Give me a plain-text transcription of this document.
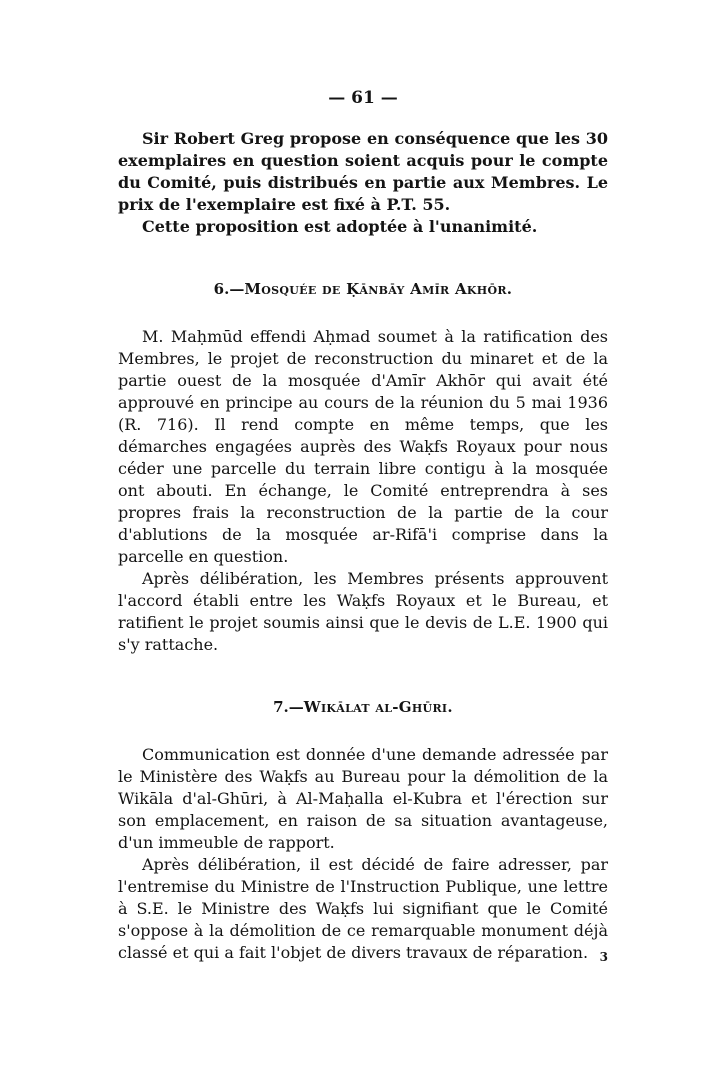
— 61 —

Sir Robert Greg propose en conséquence que les 30 exemplaires en question soient acquis pour le compte du Comité, puis distribués en partie aux Membres. Le prix de l'exemplaire est fixé à P.T. 55.

Cette proposition est adoptée à l'unanimité.

6.—Mosquée de Ḳānbāy Amīr Akhōr.

M. Maḥmūd effendi Aḥmad soumet à la ratification des Membres, le projet de reconstruction du minaret et de la partie ouest de la mosquée d'Amīr Akhōr qui avait été approuvé en principe au cours de la réunion du 5 mai 1936 (R. 716). Il rend compte en même temps, que les démarches engagées auprès des Waḳfs Royaux pour nous céder une parcelle du terrain libre contigu à la mosquée ont abouti. En échange, le Comité entreprendra à ses propres frais la reconstruction de la partie de la cour d'ablutions de la mosquée ar-Rifā'i comprise dans la parcelle en question.

Après délibération, les Membres présents approuvent l'accord établi entre les Waḳfs Royaux et le Bureau, et ratifient le projet soumis ainsi que le devis de L.E. 1900 qui s'y rattache.

7.—Wikālat al-Ghūri.

Communication est donnée d'une demande adressée par le Ministère des Waḳfs au Bureau pour la démolition de la Wikāla d'al-Ghūri, à Al-Maḥalla el-Kubra et l'érection sur son emplacement, en raison de sa situation avantageuse, d'un immeuble de rapport.

Après délibération, il est décidé de faire adresser, par l'entremise du Ministre de l'Instruction Publique, une lettre à S.E. le Ministre des Waḳfs lui signifiant que le Comité s'oppose à la démolition de ce remarquable monument déjà classé et qui a fait l'objet de divers travaux de réparation. 3
